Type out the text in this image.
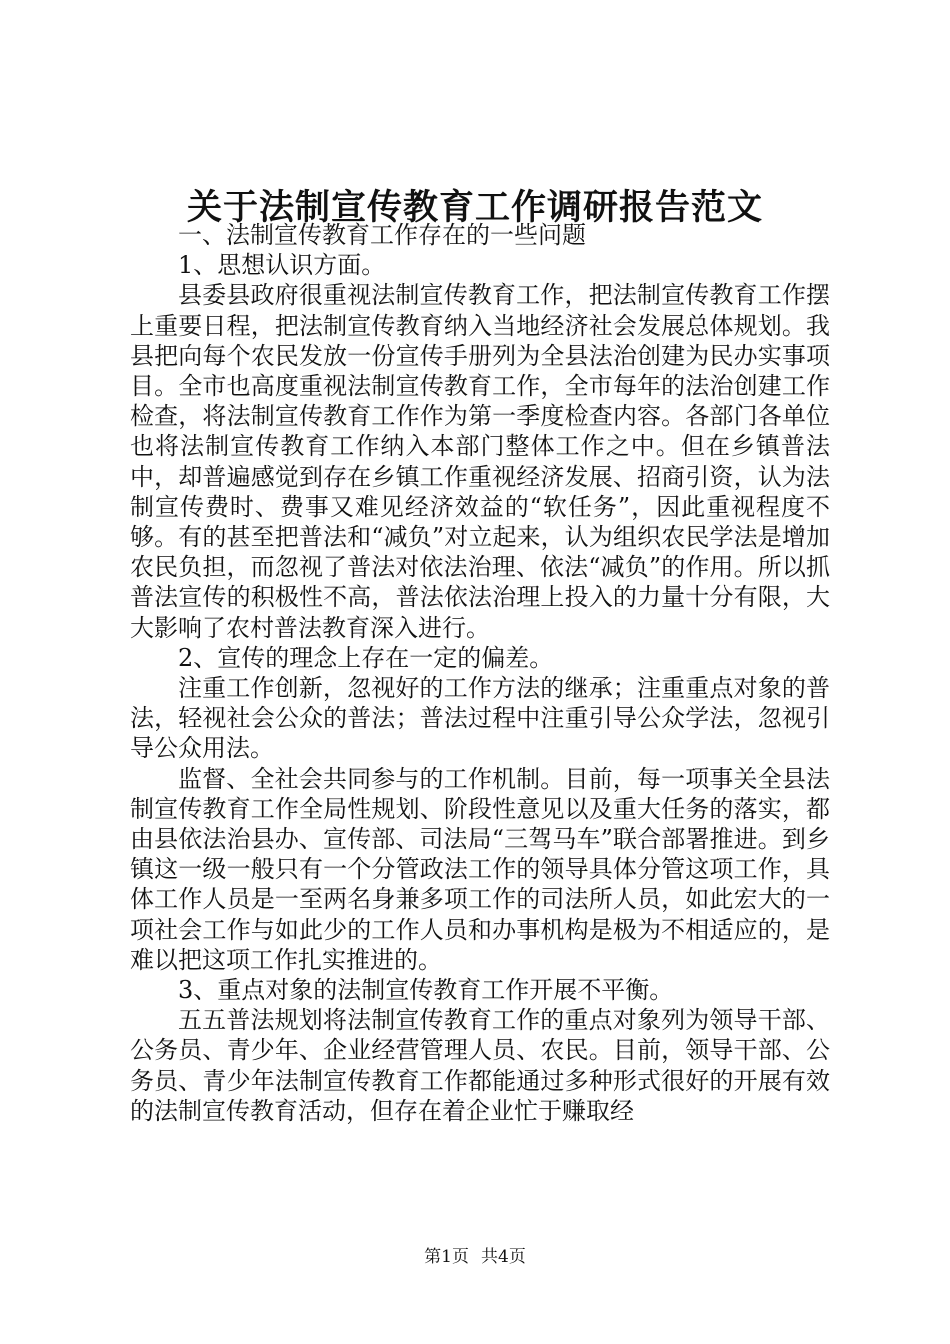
关于法制宣传教育工作调研报告范文

一、法制宣传教育工作存在的一些问题

1、思想认识方面。

县委县政府很重视法制宣传教育工作，把法制宣传教育工作摆上重要日程，把法制宣传教育纳入当地经济社会发展总体规划。我县把向每个农民发放一份宣传手册列为全县法治创建为民办实事项目。全市也高度重视法制宣传教育工作，全市每年的法治创建工作检查，将法制宣传教育工作作为第一季度检查内容。各部门各单位也将法制宣传教育工作纳入本部门整体工作之中。但在乡镇普法中，却普遍感觉到存在乡镇工作重视经济发展、招商引资，认为法制宣传费时、费事又难见经济效益的“软任务”，因此重视程度不够。有的甚至把普法和“减负”对立起来，认为组织农民学法是增加农民负担，而忽视了普法对依法治理、依法“减负”的作用。所以抓普法宣传的积极性不高，普法依法治理上投入的力量十分有限，大大影响了农村普法教育深入进行。

2、宣传的理念上存在一定的偏差。

注重工作创新，忽视好的工作方法的继承；注重重点对象的普法，轻视社会公众的普法；普法过程中注重引导公众学法，忽视引导公众用法。

监督、全社会共同参与的工作机制。目前，每一项事关全县法制宣传教育工作全局性规划、阶段性意见以及重大任务的落实，都由县依法治县办、宣传部、司法局“三驾马车”联合部署推进。到乡镇这一级一般只有一个分管政法工作的领导具体分管这项工作，具体工作人员是一至两名身兼多项工作的司法所人员，如此宏大的一项社会工作与如此少的工作人员和办事机构是极为不相适应的，是难以把这项工作扎实推进的。

3、重点对象的法制宣传教育工作开展不平衡。

五五普法规划将法制宣传教育工作的重点对象列为领导干部、公务员、青少年、企业经营管理人员、农民。目前，领导干部、公务员、青少年法制宣传教育工作都能通过多种形式很好的开展有效的法制宣传教育活动，但存在着企业忙于赚取经

第1页 共4页
